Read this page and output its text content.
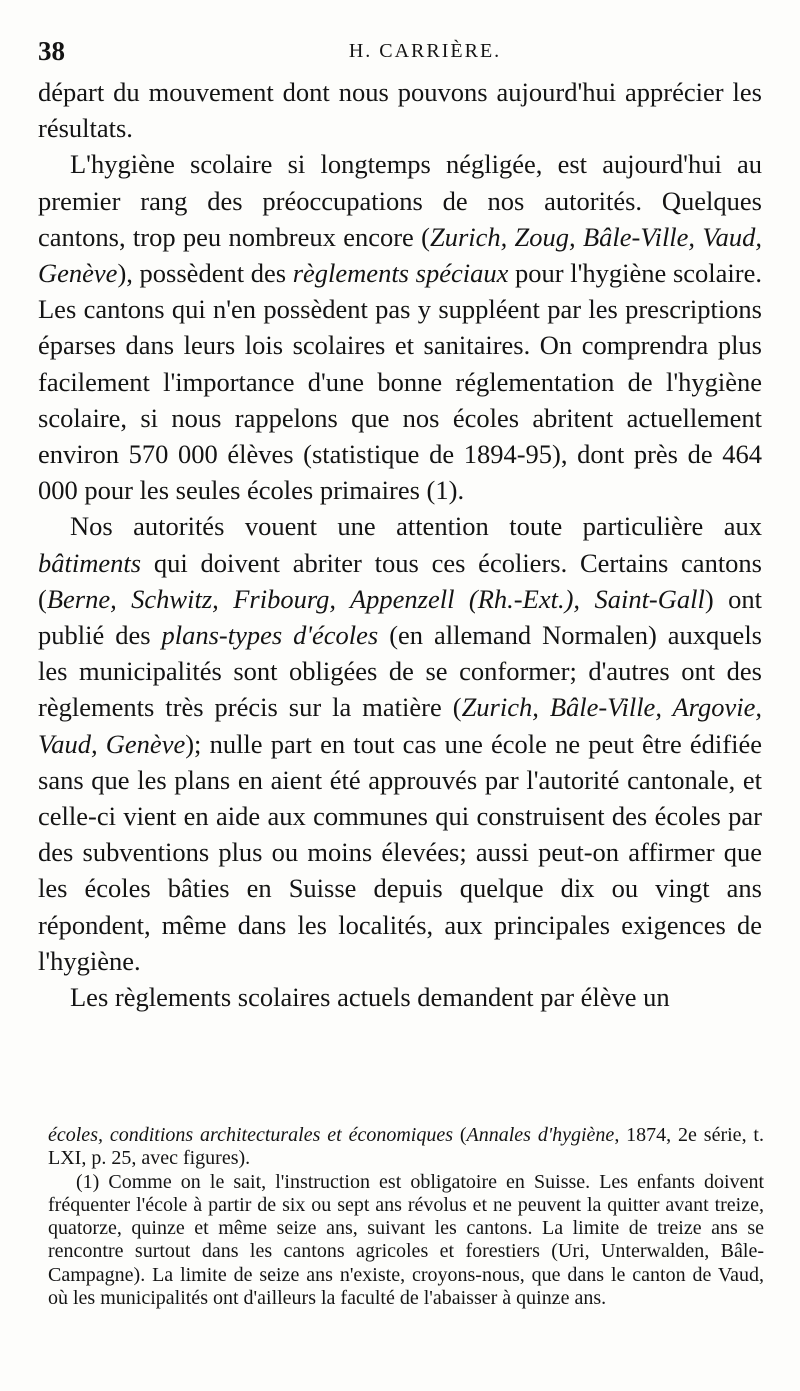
38	H. CARRIÈRE.

départ du mouvement dont nous pouvons aujourd'hui apprécier les résultats.

L'hygiène scolaire si longtemps négligée, est aujourd'hui au premier rang des préoccupations de nos autorités. Quelques cantons, trop peu nombreux encore (Zurich, Zoug, Bâle-Ville, Vaud, Genève), possèdent des règlements spéciaux pour l'hygiène scolaire. Les cantons qui n'en possèdent pas y suppléent par les prescriptions éparses dans leurs lois scolaires et sanitaires. On comprendra plus facilement l'importance d'une bonne réglementation de l'hygiène scolaire, si nous rappelons que nos écoles abritent actuellement environ 570 000 élèves (statistique de 1894-95), dont près de 464 000 pour les seules écoles primaires (1).

Nos autorités vouent une attention toute particulière aux bâtiments qui doivent abriter tous ces écoliers. Certains cantons (Berne, Schwitz, Fribourg, Appenzell (Rh.-Ext.), Saint-Gall) ont publié des plans-types d'écoles (en allemand Normalen) auxquels les municipalités sont obligées de se conformer; d'autres ont des règlements très précis sur la matière (Zurich, Bâle-Ville, Argovie, Vaud, Genève); nulle part en tout cas une école ne peut être édifiée sans que les plans en aient été approuvés par l'autorité cantonale, et celle-ci vient en aide aux communes qui construisent des écoles par des subventions plus ou moins élevées; aussi peut-on affirmer que les écoles bâties en Suisse depuis quelque dix ou vingt ans répondent, même dans les localités, aux principales exigences de l'hygiène.

Les règlements scolaires actuels demandent par élève un

écoles, conditions architecturales et économiques (Annales d'hygiène, 1874, 2e série, t. LXI, p. 25, avec figures).

(1) Comme on le sait, l'instruction est obligatoire en Suisse. Les enfants doivent fréquenter l'école à partir de six ou sept ans révolus et ne peuvent la quitter avant treize, quatorze, quinze et même seize ans, suivant les cantons. La limite de treize ans se rencontre surtout dans les cantons agricoles et forestiers (Uri, Unterwalden, Bâle-Campagne). La limite de seize ans n'existe, croyons-nous, que dans le canton de Vaud, où les municipalités ont d'ailleurs la faculté de l'abaisser à quinze ans.
